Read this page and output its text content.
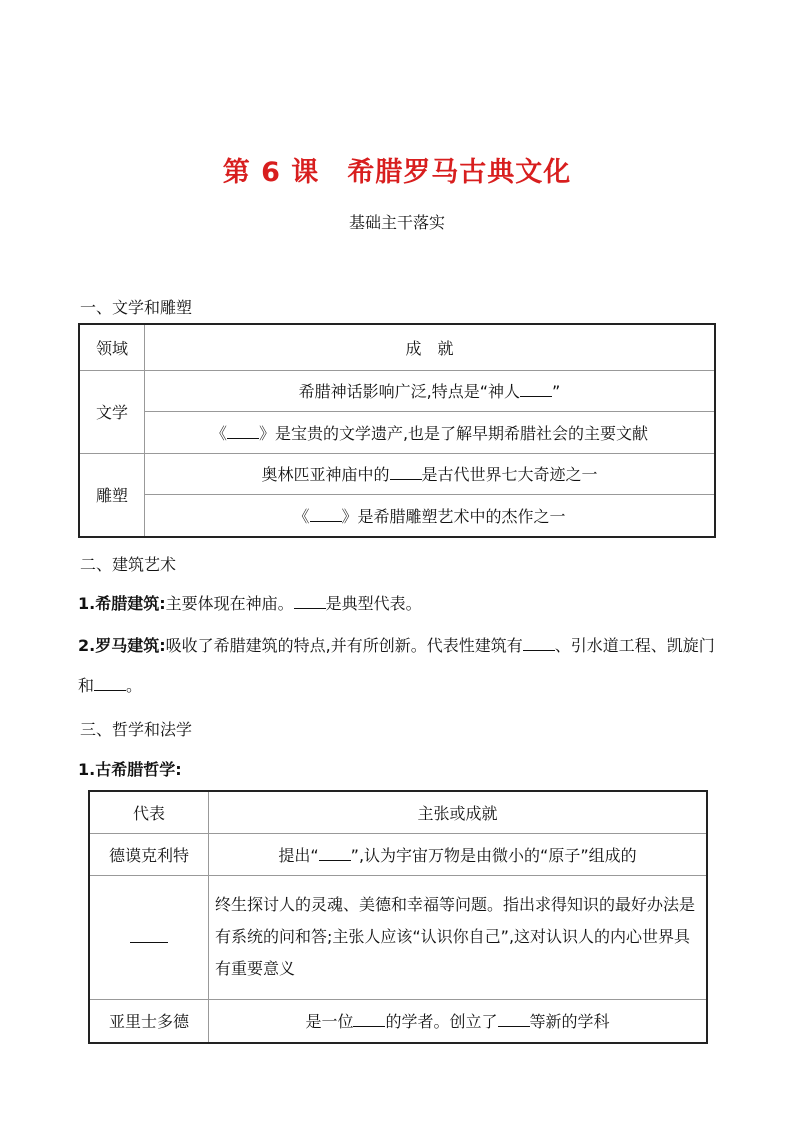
第 6 课　希腊罗马古典文化
基础主干落实
一、文学和雕塑
领域	成　就
文学	希腊神话影响广泛,特点是“神人 ”
	《 》是宝贵的文学遗产,也是了解早期希腊社会的主要文献
雕塑	奥林匹亚神庙中的 是古代世界七大奇迹之一
	《 》是希腊雕塑艺术中的杰作之一
二、建筑艺术
1.希腊建筑:主要体现在神庙。 是典型代表。
2.罗马建筑:吸收了希腊建筑的特点,并有所创新。代表性建筑有 、引水道工程、凯旋门和 。
三、哲学和法学
1.古希腊哲学:
代表	主张或成就
德谟克利特	提出“ ”,认为宇宙万物是由微小的“原子”组成的
	终生探讨人的灵魂、美德和幸福等问题。指出求得知识的最好办法是有系统的问和答;主张人应该“认识你自己”,这对认识人的内心世界具有重要意义
亚里士多德	是一位 的学者。创立了 等新的学科
